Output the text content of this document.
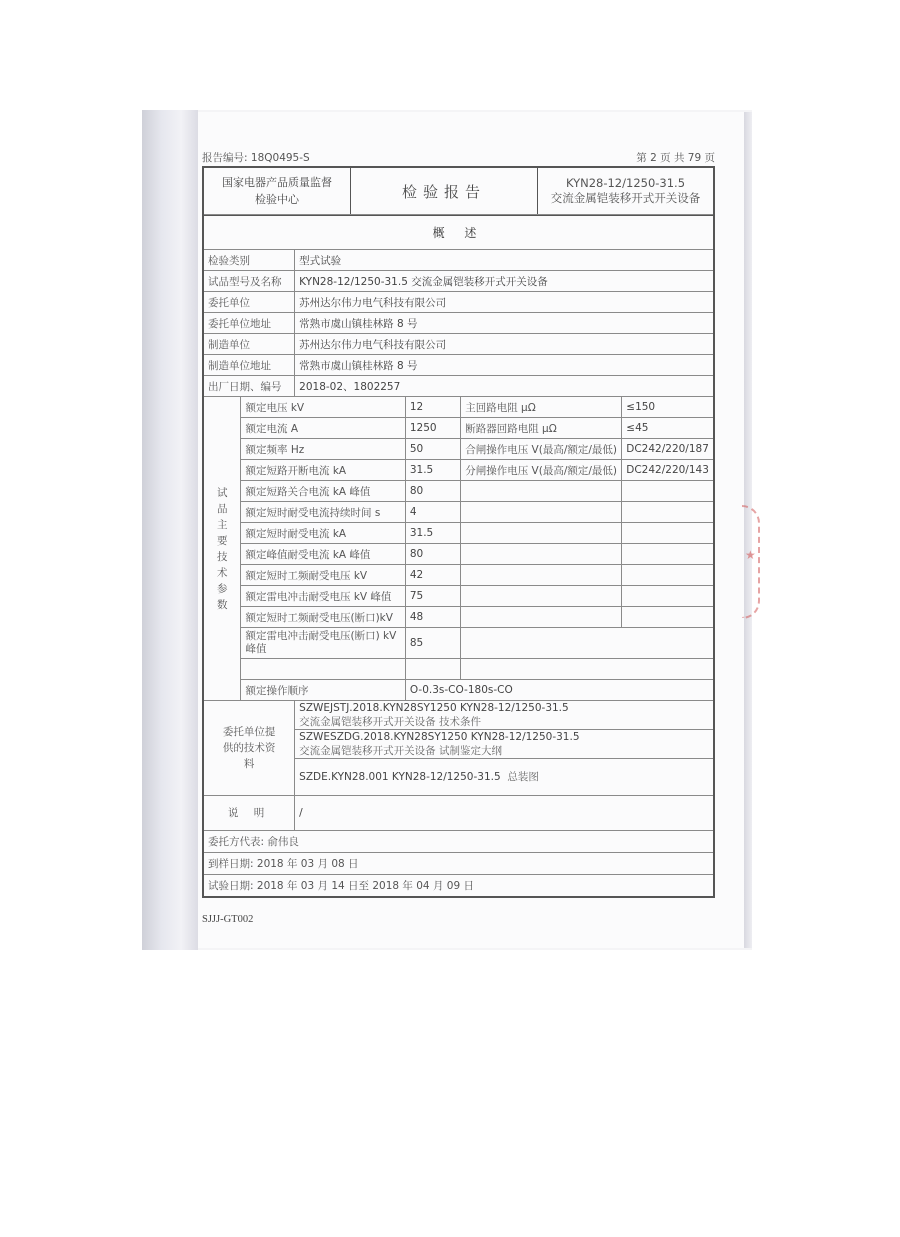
★
报告编号: 18Q0495-S	第 2 页 共 79 页
国家电器产品质量监督
检验中心	检验报告	KYN28-12/1250-31.5
交流金属铠装移开式开关设备
概 述					
检验类别		型式试验			
试品型号及名称		KYN28-12/1250-31.5 交流金属铠装移开式开关设备			
委托单位		苏州达尔伟力电气科技有限公司			
委托单位地址		常熟市虞山镇桂林路 8 号			
制造单位		苏州达尔伟力电气科技有限公司			
制造单位地址		常熟市虞山镇桂林路 8 号			
出厂日期、编号		2018-02、1802257			
试品主要技术参数	额定电压 kV		12	主回路电阻 μΩ	≤150
	额定电流 A		1250	断路器回路电阻 μΩ	≤45
	额定频率 Hz		50	合闸操作电压 V(最高/额定/最低)	DC242/220/187
	额定短路开断电流 kA		31.5	分闸操作电压 V(最高/额定/最低)	DC242/220/143
	额定短路关合电流 kA 峰值		80		
	额定短时耐受电流持续时间 s		4		
	额定短时耐受电流 kA		31.5		
	额定峰值耐受电流 kA 峰值		80		
	额定短时工频耐受电压 kV		42		
	额定雷电冲击耐受电压 kV 峰值		75		
	额定短时工频耐受电压(断口)kV		48		
	额定雷电冲击耐受电压(断口) kV 峰值		85		

	额定操作顺序		O-0.3s-CO-180s-CO		

委托单位提供的技术资料		SZWEJSTJ.2018.KYN28SY1250 KYN28-12/1250-31.5
交流金属铠装移开式开关设备 技术条件			

		SZWESZDG.2018.KYN28SY1250 KYN28-12/1250-31.5
交流金属铠装移开式开关设备 试制鉴定大纲			

		SZDE.KYN28.001 KYN28-12/1250-31.5 总装图			
说 明		/			
委托方代表: 俞伟良					
到样日期: 2018 年 03 月 08 日					
试验日期: 2018 年 03 月 14 日至 2018 年 04 月 09 日					
SJJJ-GT002
